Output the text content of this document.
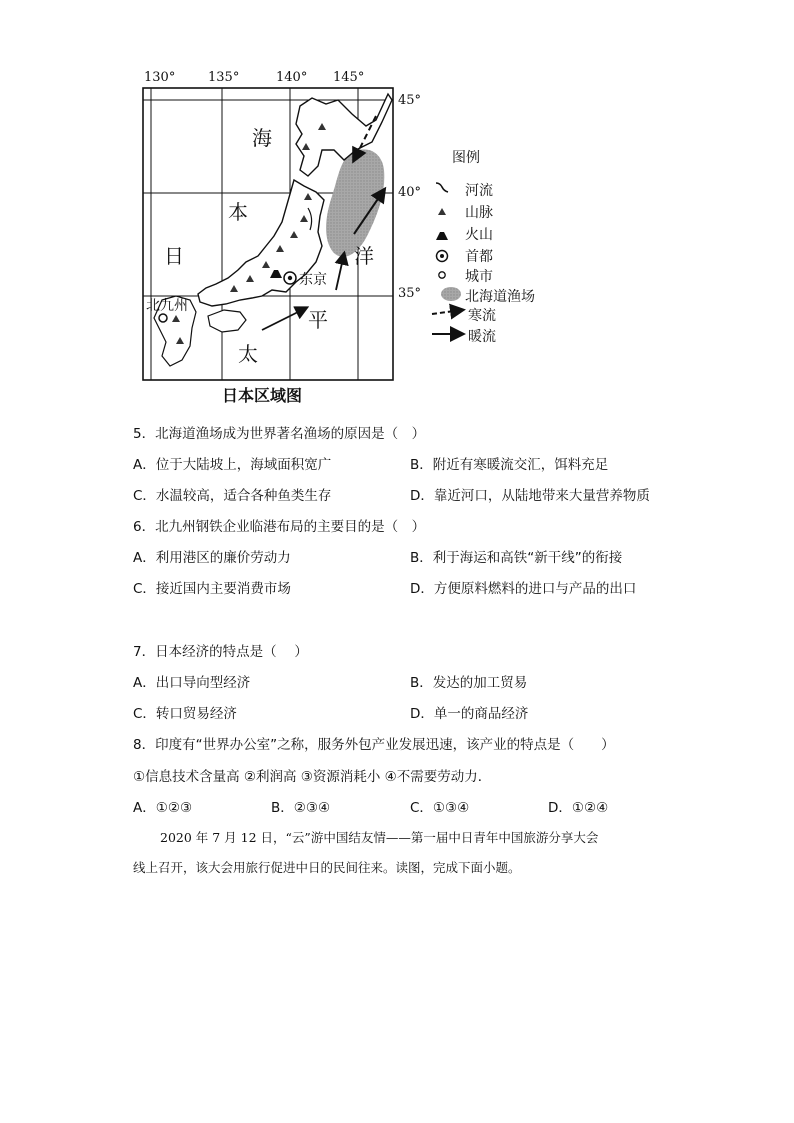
130°	135°	140° 145°
45°
40°
35°
日
本
海
太
平
洋
东京
北九州
日本区域图
图例
河流
山脉
火山
首都
城市
北海道渔场
寒流
暖流
5．北海道渔场成为世界著名渔场的原因是（　）
A．位于大陆坡上，海域面积宽广	B．附近有寒暖流交汇，饵料充足
C．水温较高，适合各种鱼类生存	D．靠近河口，从陆地带来大量营养物质
6．北九州钢铁企业临港布局的主要目的是（　）
A．利用港区的廉价劳动力	B．利于海运和高铁“新干线”的衔接
C．接近国内主要消费市场	D．方便原料燃料的进口与产品的出口
7．日本经济的特点是（　 ）
A．出口导向型经济	B．发达的加工贸易
C．转口贸易经济	D．单一的商品经济
8．印度有“世界办公室”之称，服务外包产业发展迅速，该产业的特点是（　　）
①信息技术含量高 ②利润高 ③资源消耗小 ④不需要劳动力．
A．①②③	B．②③④	C．①③④	D．①②④
2020 年 7 月 12 日，“云”游中国结友情——第一届中日青年中国旅游分享大会
线上召开，该大会用旅行促进中日的民间往来。读图，完成下面小题。
